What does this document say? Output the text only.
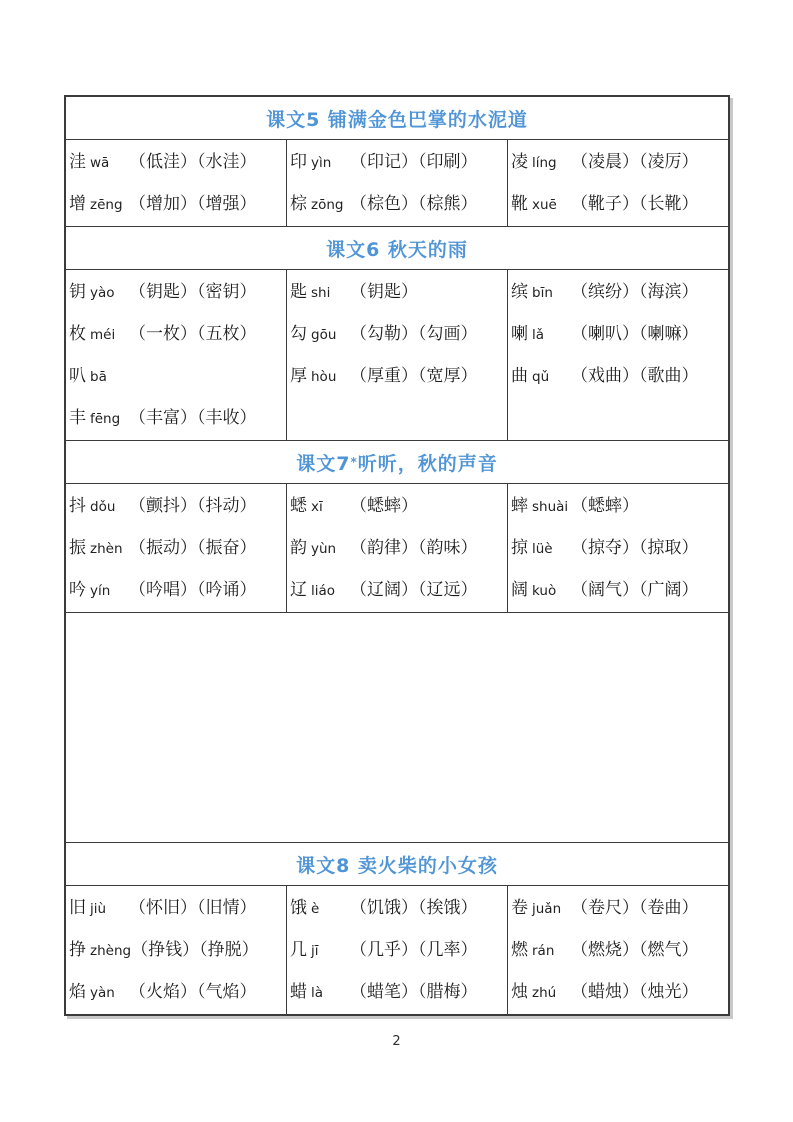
课文5 铺满金色巴掌的水泥道
洼 wā （低洼）（水洼）
增 zēng （增加）（增强）
印 yìn （印记）（印刷）
棕 zōng （棕色）（棕熊）
凌 líng （凌晨）（凌厉）
靴 xuē （靴子）（长靴）
课文6 秋天的雨
钥 yào （钥匙）（密钥）
枚 méi （一枚）（五枚）
叭 bā
丰 fēng （丰富）（丰收）
匙 shi （钥匙）
勾 gōu （勾勒）（勾画）
厚 hòu （厚重）（宽厚）
缤 bīn （缤纷）（海滨）
喇 lǎ （喇叭）（喇嘛）
曲 qǔ （戏曲）（歌曲）
课文7 * 听听，秋的声音
抖 dǒu （颤抖）（抖动）
振 zhèn （振动）（振奋）
吟 yín （吟唱）（吟诵）
蟋 xī （蟋蟀）
韵 yùn （韵律）（韵味）
辽 liáo （辽阔）（辽远）
蟀 shuài （蟋蟀）
掠 lüè （掠夺）（掠取）
阔 kuò （阔气）（广阔）
课文8 卖火柴的小女孩
旧 jiù （怀旧）（旧情）
挣 zhèng（挣钱）（挣脱）
焰 yàn （火焰）（气焰）
饿 è （饥饿）（挨饿）
几 jī （几乎）（几率）
蜡 là （蜡笔）（腊梅）
卷 juǎn （卷尺）（卷曲）
燃 rán （燃烧）（燃气）
烛 zhú （蜡烛）（烛光）
2
